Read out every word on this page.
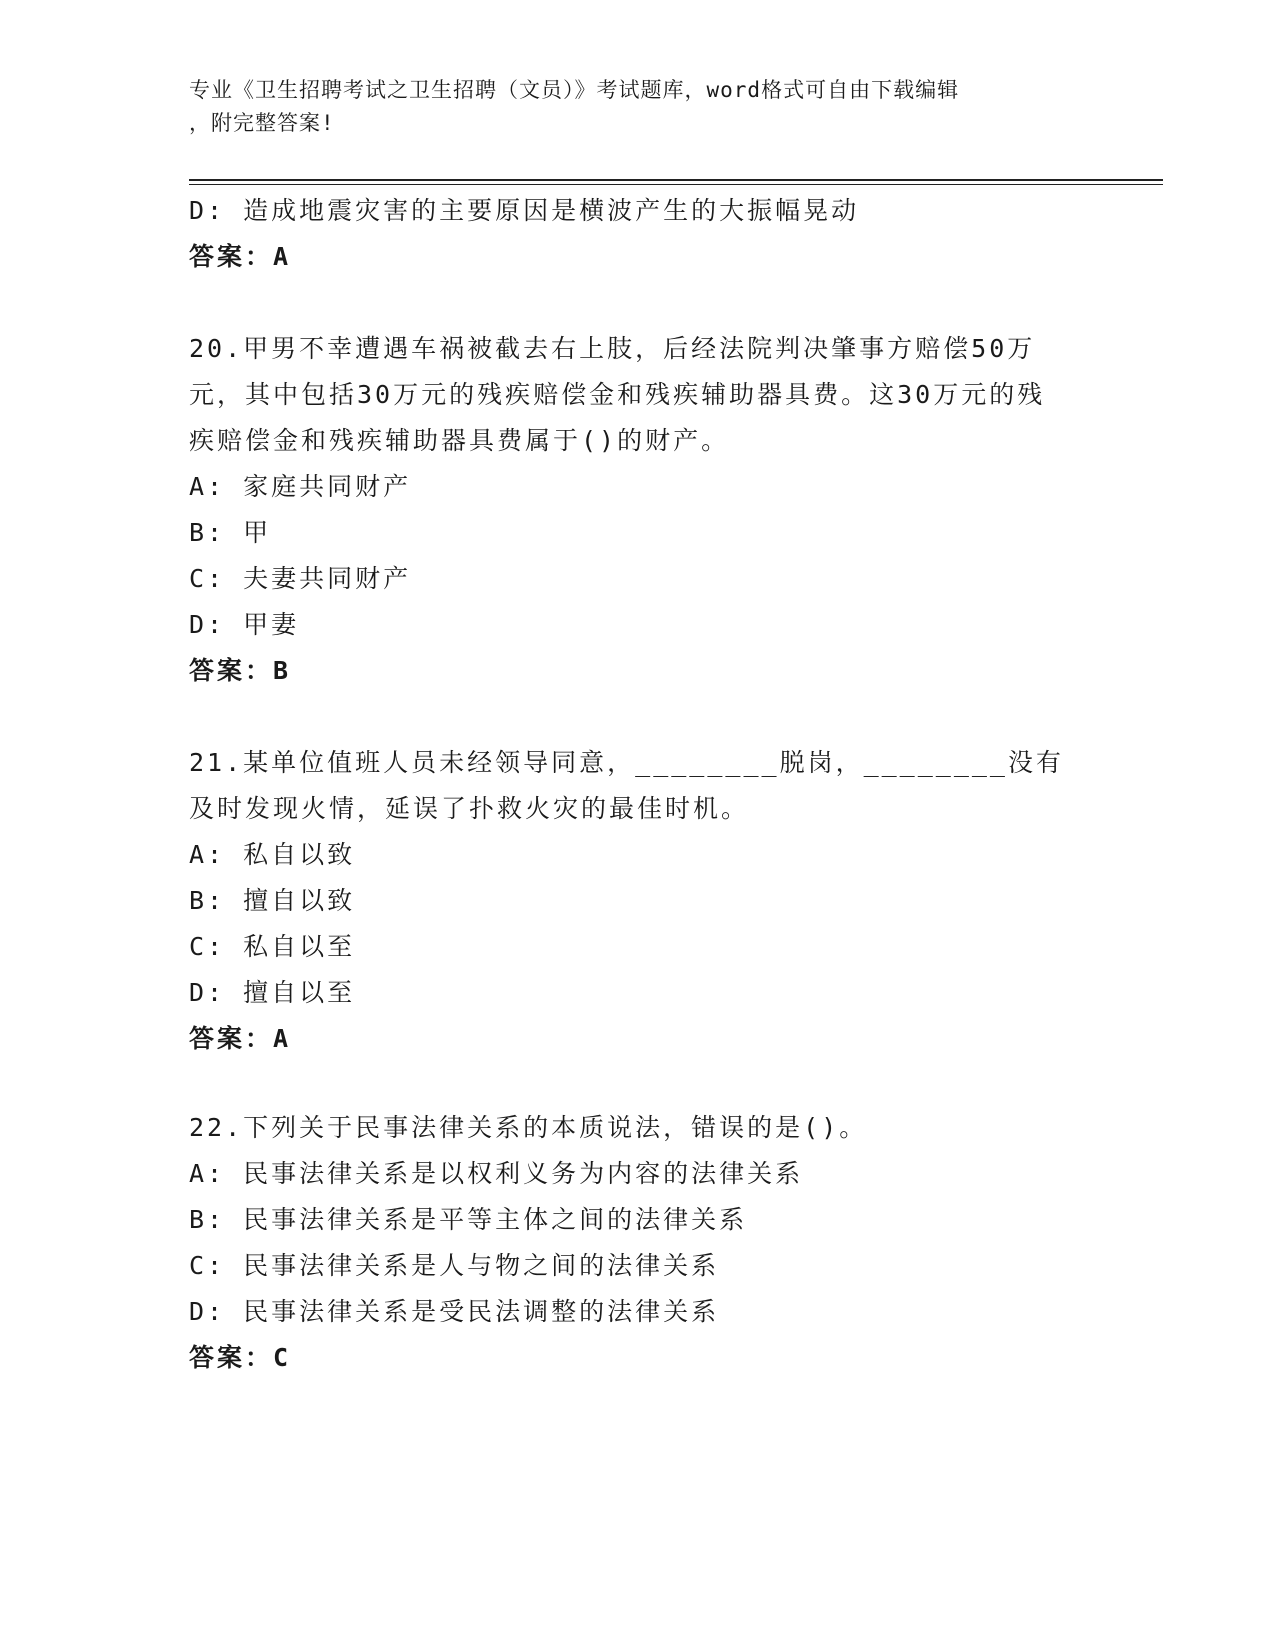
专业《卫生招聘考试之卫生招聘（文员）》考试题库，word格式可自由下载编辑
，附完整答案!
D: 造成地震灾害的主要原因是横波产生的大振幅晃动
答案：A
20.甲男不幸遭遇车祸被截去右上肢，后经法院判决肇事方赔偿50万元，其中包括30万元的残疾赔偿金和残疾辅助器具费。这30万元的残疾赔偿金和残疾辅助器具费属于()的财产。
A: 家庭共同财产
B: 甲
C: 夫妻共同财产
D: 甲妻
答案：B
21.某单位值班人员未经领导同意，________脱岗，________没有及时发现火情，延误了扑救火灾的最佳时机。
A: 私自以致
B: 擅自以致
C: 私自以至
D: 擅自以至
答案：A
22.下列关于民事法律关系的本质说法，错误的是()。
A: 民事法律关系是以权利义务为内容的法律关系
B: 民事法律关系是平等主体之间的法律关系
C: 民事法律关系是人与物之间的法律关系
D: 民事法律关系是受民法调整的法律关系
答案：C
